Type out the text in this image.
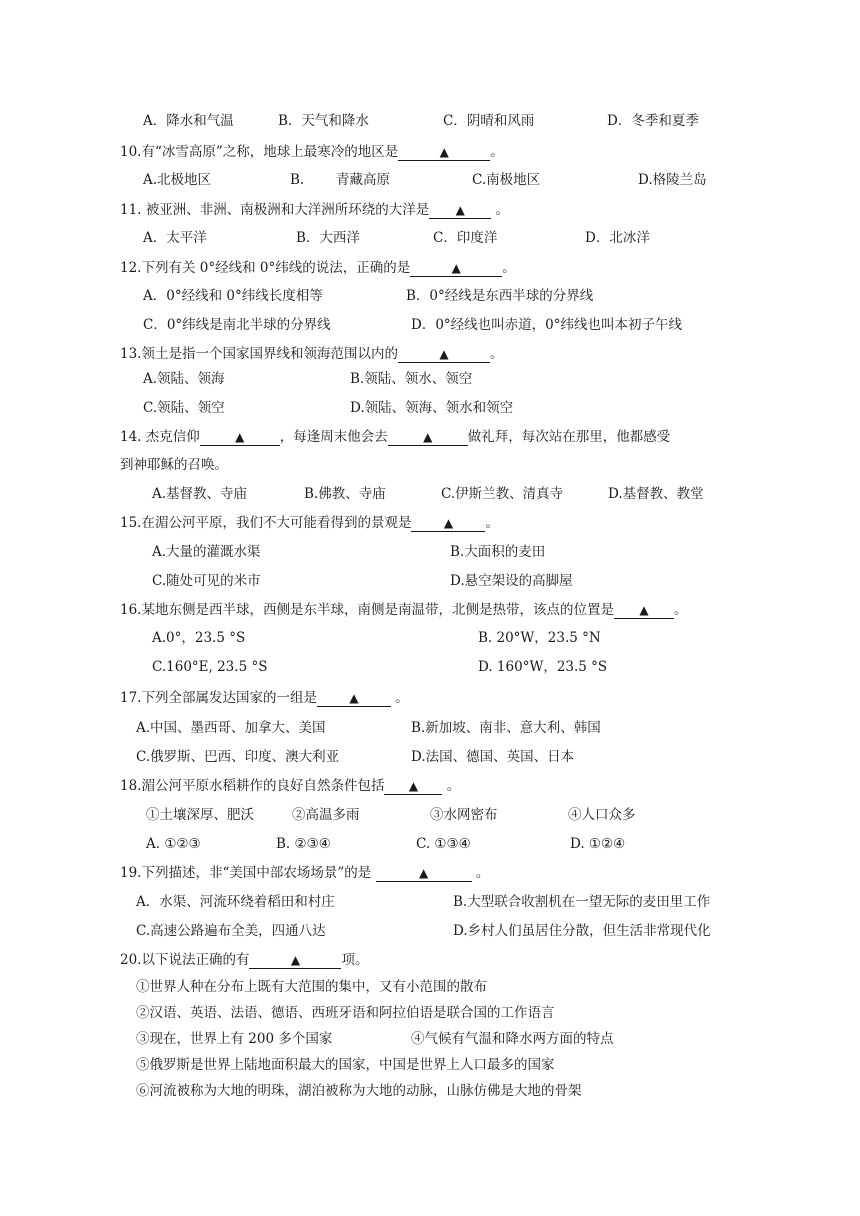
A．降水和气温	B．天气和降水	C．阴晴和风雨	D．冬季和夏季
10.有“冰雪高原”之称，地球上最寒冷的地区是	▲	。
A.北极地区	B. 青藏高原	C.南极地区	D.格陵兰岛
11. 被亚洲、非洲、南极洲和大洋洲所环绕的大洋是 ▲ 。
A．太平洋	B．大西洋	C．印度洋	D．北冰洋
12.下列有关 0°经线和 0°纬线的说法，正确的是	▲	。
A．0°经线和 0°纬线长度相等	B．0°经线是东西半球的分界线
C．0°纬线是南北半球的分界线	D．0°经线也叫赤道，0°纬线也叫本初子午线
13.领土是指一个国家国界线和领海范围以内的	▲	。
A.领陆、领海	B.领陆、领水、领空
C.领陆、领空	D.领陆、领海、领水和领空
14. 杰克信仰	▲	，每逢周末他会去	▲	做礼拜，每次站在那里，他都感受
到神耶稣的召唤。
A.基督教、寺庙	B.佛教、寺庙	C.伊斯兰教、清真寺	D.基督教、教堂
15.在湄公河平原，我们不大可能看得到的景观是	▲ 。
A.大量的灌溉水渠	B.大面积的麦田
C.随处可见的米市	D.悬空架设的高脚屋
16.某地东侧是西半球，西侧是东半球，南侧是南温带，北侧是热带，该点的位置是 ▲ 。
A.0°，23.5 °S	B. 20°W，23.5 °N
C.160°E, 23.5 °S	D. 160°W，23.5 °S
17.下列全部属发达国家的一组是	▲ 。
A.中国、墨西哥、加拿大、美国	B.新加坡、南非、意大利、韩国
C.俄罗斯、巴西、印度、澳大利亚	D.法国、德国、英国、日本
18.湄公河平原水稻耕作的良好自然条件包括 ▲ 。
①土壤深厚、肥沃	②高温多雨	③水网密布	④人口众多
A. ①②③	B. ②③④	C. ①③④	D. ①②④
19.下列描述，非“美国中部农场场景”的是	▲	。
A．水渠、河流环绕着稻田和村庄	B.大型联合收割机在一望无际的麦田里工作
C.高速公路遍布全美，四通八达	D.乡村人们虽居住分散，但生活非常现代化
20.以下说法正确的有	▲	项。
①世界人种在分布上既有大范围的集中，又有小范围的散布
②汉语、英语、法语、德语、西班牙语和阿拉伯语是联合国的工作语言
③现在，世界上有 200 多个国家	④气候有气温和降水两方面的特点
⑤俄罗斯是世界上陆地面积最大的国家，中国是世界上人口最多的国家
⑥河流被称为大地的明珠，湖泊被称为大地的动脉，山脉仿佛是大地的骨架
